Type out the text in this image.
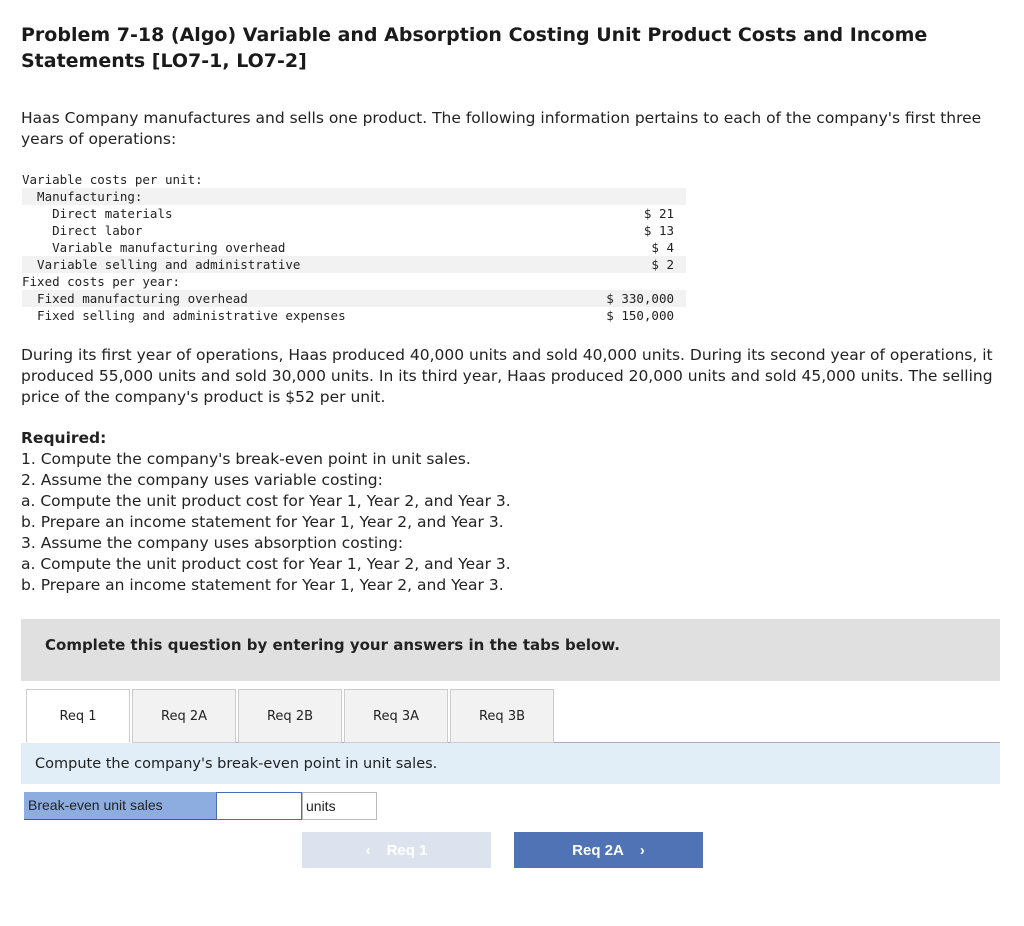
Problem 7-18 (Algo) Variable and Absorption Costing Unit Product Costs and Income Statements [LO7-1, LO7-2]

Haas Company manufactures and sells one product. The following information pertains to each of the company's first three years of operations:

Variable costs per unit:	
Manufacturing:	
Direct materials	$ 21
Direct labor	$ 13
Variable manufacturing overhead	$ 4
Variable selling and administrative	$ 2
Fixed costs per year:	
Fixed manufacturing overhead	$ 330,000
Fixed selling and administrative expenses	$ 150,000

During its first year of operations, Haas produced 40,000 units and sold 40,000 units. During its second year of operations, it produced 55,000 units and sold 30,000 units. In its third year, Haas produced 20,000 units and sold 45,000 units. The selling price of the company's product is $52 per unit.

Required:

1. Compute the company's break-even point in unit sales.
2. Assume the company uses variable costing:
a. Compute the unit product cost for Year 1, Year 2, and Year 3.
b. Prepare an income statement for Year 1, Year 2, and Year 3.
3. Assume the company uses absorption costing:
a. Compute the unit product cost for Year 1, Year 2, and Year 3.
b. Prepare an income statement for Year 1, Year 2, and Year 3.
Complete this question by entering your answers in the tabs below.
Req 1	Req 2A	Req 2B	Req 3A	Req 3B
Compute the company's break-even point in unit sales.
Break-even unit sales	units
‹ Req 1	Req 2A ›
